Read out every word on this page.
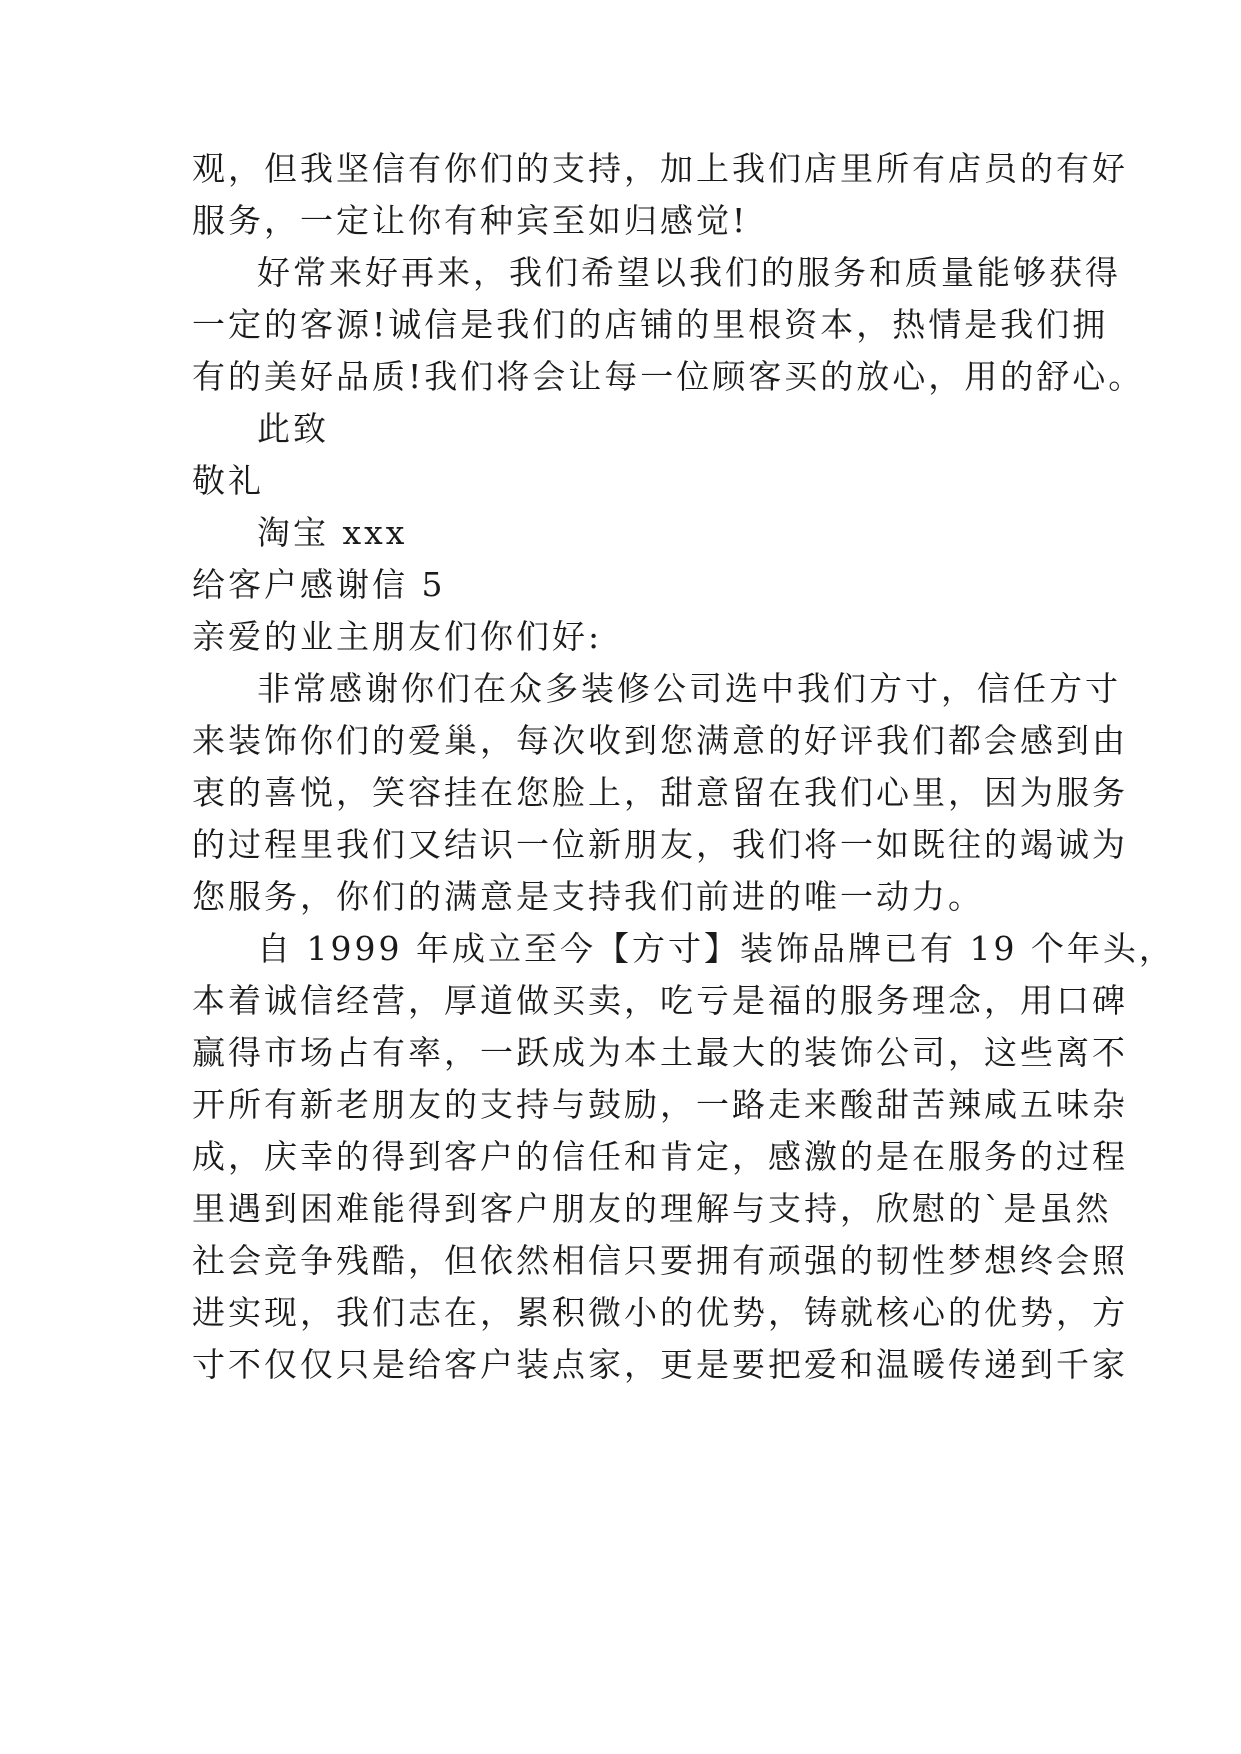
观，但我坚信有你们的支持，加上我们店里所有店员的有好
服务，一定让你有种宾至如归感觉!
好常来好再来，我们希望以我们的服务和质量能够获得
一定的客源!诚信是我们的店铺的里根资本，热情是我们拥
有的美好品质!我们将会让每一位顾客买的放心，用的舒心。
此致
敬礼
淘宝 xxx
给客户感谢信 5
亲爱的业主朋友们你们好:
非常感谢你们在众多装修公司选中我们方寸，信任方寸
来装饰你们的爱巢，每次收到您满意的好评我们都会感到由
衷的喜悦，笑容挂在您脸上，甜意留在我们心里，因为服务
的过程里我们又结识一位新朋友，我们将一如既往的竭诚为
您服务，你们的满意是支持我们前进的唯一动力。
自 1999 年成立至今【方寸】装饰品牌已有 19 个年头，
本着诚信经营，厚道做买卖，吃亏是福的服务理念，用口碑
赢得市场占有率，一跃成为本土最大的装饰公司，这些离不
开所有新老朋友的支持与鼓励，一路走来酸甜苦辣咸五味杂
成，庆幸的得到客户的信任和肯定，感激的是在服务的过程
里遇到困难能得到客户朋友的理解与支持，欣慰的`是虽然
社会竞争残酷，但依然相信只要拥有顽强的韧性梦想终会照
进实现，我们志在，累积微小的优势，铸就核心的优势，方
寸不仅仅只是给客户装点家，更是要把爱和温暖传递到千家
